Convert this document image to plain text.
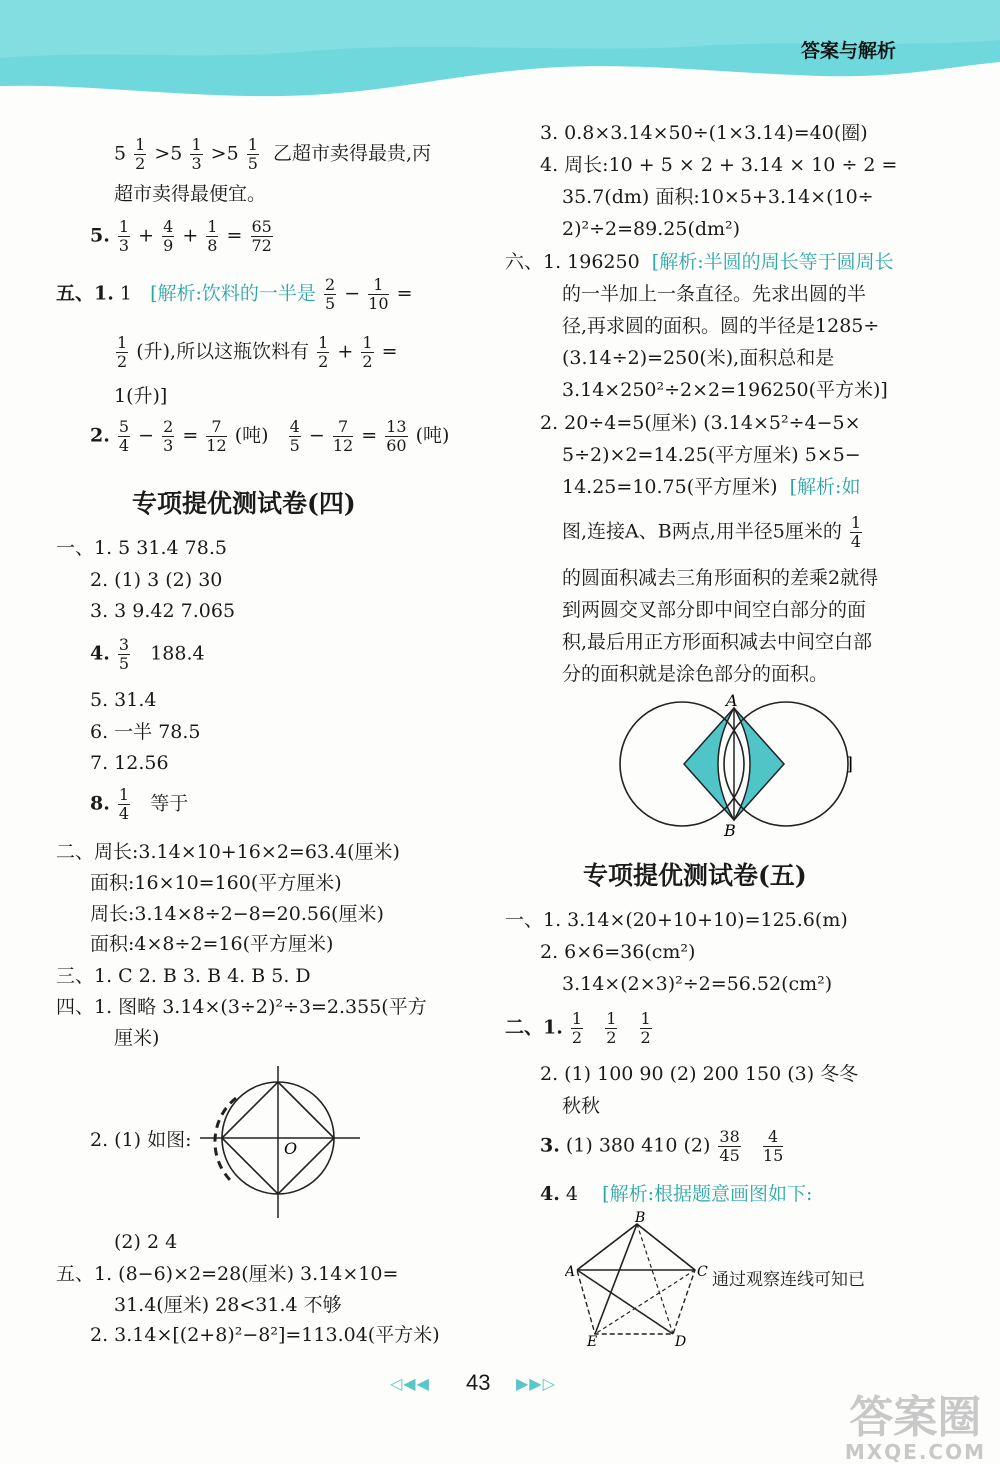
答案与解析
$5 \frac{1}{2} >5 \frac{1}{3} >5 \frac{1}{5}$ 乙超市卖得最贵,丙
超市卖得最便宜。
5. $\frac{1}{3} + \frac{4}{9} + \frac{1}{8} = \frac{65}{72}$
五、1. 1 [解析:饮料的一半是 $\frac{2}{5} - \frac{1}{10}$ =
$\frac{1}{2}$ (升),所以这瓶饮料有 $\frac{1}{2} + \frac{1}{2}$ =
1(升)]
2. $\frac{5}{4} - \frac{2}{3} = \frac{7}{12}$ (吨) $\frac{4}{5} - \frac{7}{12} = \frac{13}{60}$ (吨)
专项提优测试卷(四)
一、1. 5 31.4 78.5
2. (1) 3 (2) 30
3. 3 9.42 7.065
4. $\frac{3}{5} 188.4$
5. 31.4
6. 一半 78.5
7. 12.56
8. $\frac{1}{4}$ 等于
二、周长:3.14×10+16×2=63.4(厘米)
面积:16×10=160(平方厘米)
周长:3.14×8÷2−8=20.56(厘米)
面积:4×8÷2=16(平方厘米)
三、1. C 2. B 3. B 4. B 5. D
四、1. 图略 3.14×(3÷2)²÷3=2.355(平方
厘米)
2. (1) 如图:	O
(2) 2 4
五、1. (8−6)×2=28(厘米) 3.14×10=
31.4(厘米) 28<31.4 不够
2. 3.14×[(2+8)²−8²]=113.04(平方米)
3. 0.8×3.14×50÷(1×3.14)=40(圈)
4. 周长:10 + 5 × 2 + 3.14 × 10 ÷ 2 =
35.7(dm) 面积:10×5+3.14×(10÷
2)²÷2=89.25(dm²)
六、1. 196250 [解析:半圆的周长等于圆周长
的一半加上一条直径。先求出圆的半
径,再求圆的面积。圆的半径是1285÷
(3.14÷2)=250(米),面积总和是
3.14×250²÷2×2=196250(平方米)]
2. 20÷4=5(厘米) (3.14×5²÷4−5×
5÷2)×2=14.25(平方厘米) 5×5−
14.25=10.75(平方厘米) [解析:如
图,连接A、B两点,用半径5厘米的 $\frac{1}{4}$
的圆面积减去三角形面积的差乘2就得
到两圆交叉部分即中间空白部分的面
积,最后用正方形面积减去中间空白部
分的面积就是涂色部分的面积。
A
B
]
专项提优测试卷(五)
一、1. 3.14×(20+10+10)=125.6(m)
2. 6×6=36(cm²)
3.14×(2×3)²÷2=56.52(cm²)
二、1. $\frac{1}{2}$
$\frac{1}{2}$
$\frac{1}{2}$
2. (1) 100 90 (2) 200 150 (3) 冬冬
秋秋
3. (1) 380 410 $(2) \frac{38}{45}$
$\frac{4}{15}$
4. 4 [解析:根据题意画图如下:
B
C
D
E
A	通过观察连线可知已
◁◀◀ 43 ▶▶▷
答案圈
MXQE.COM
